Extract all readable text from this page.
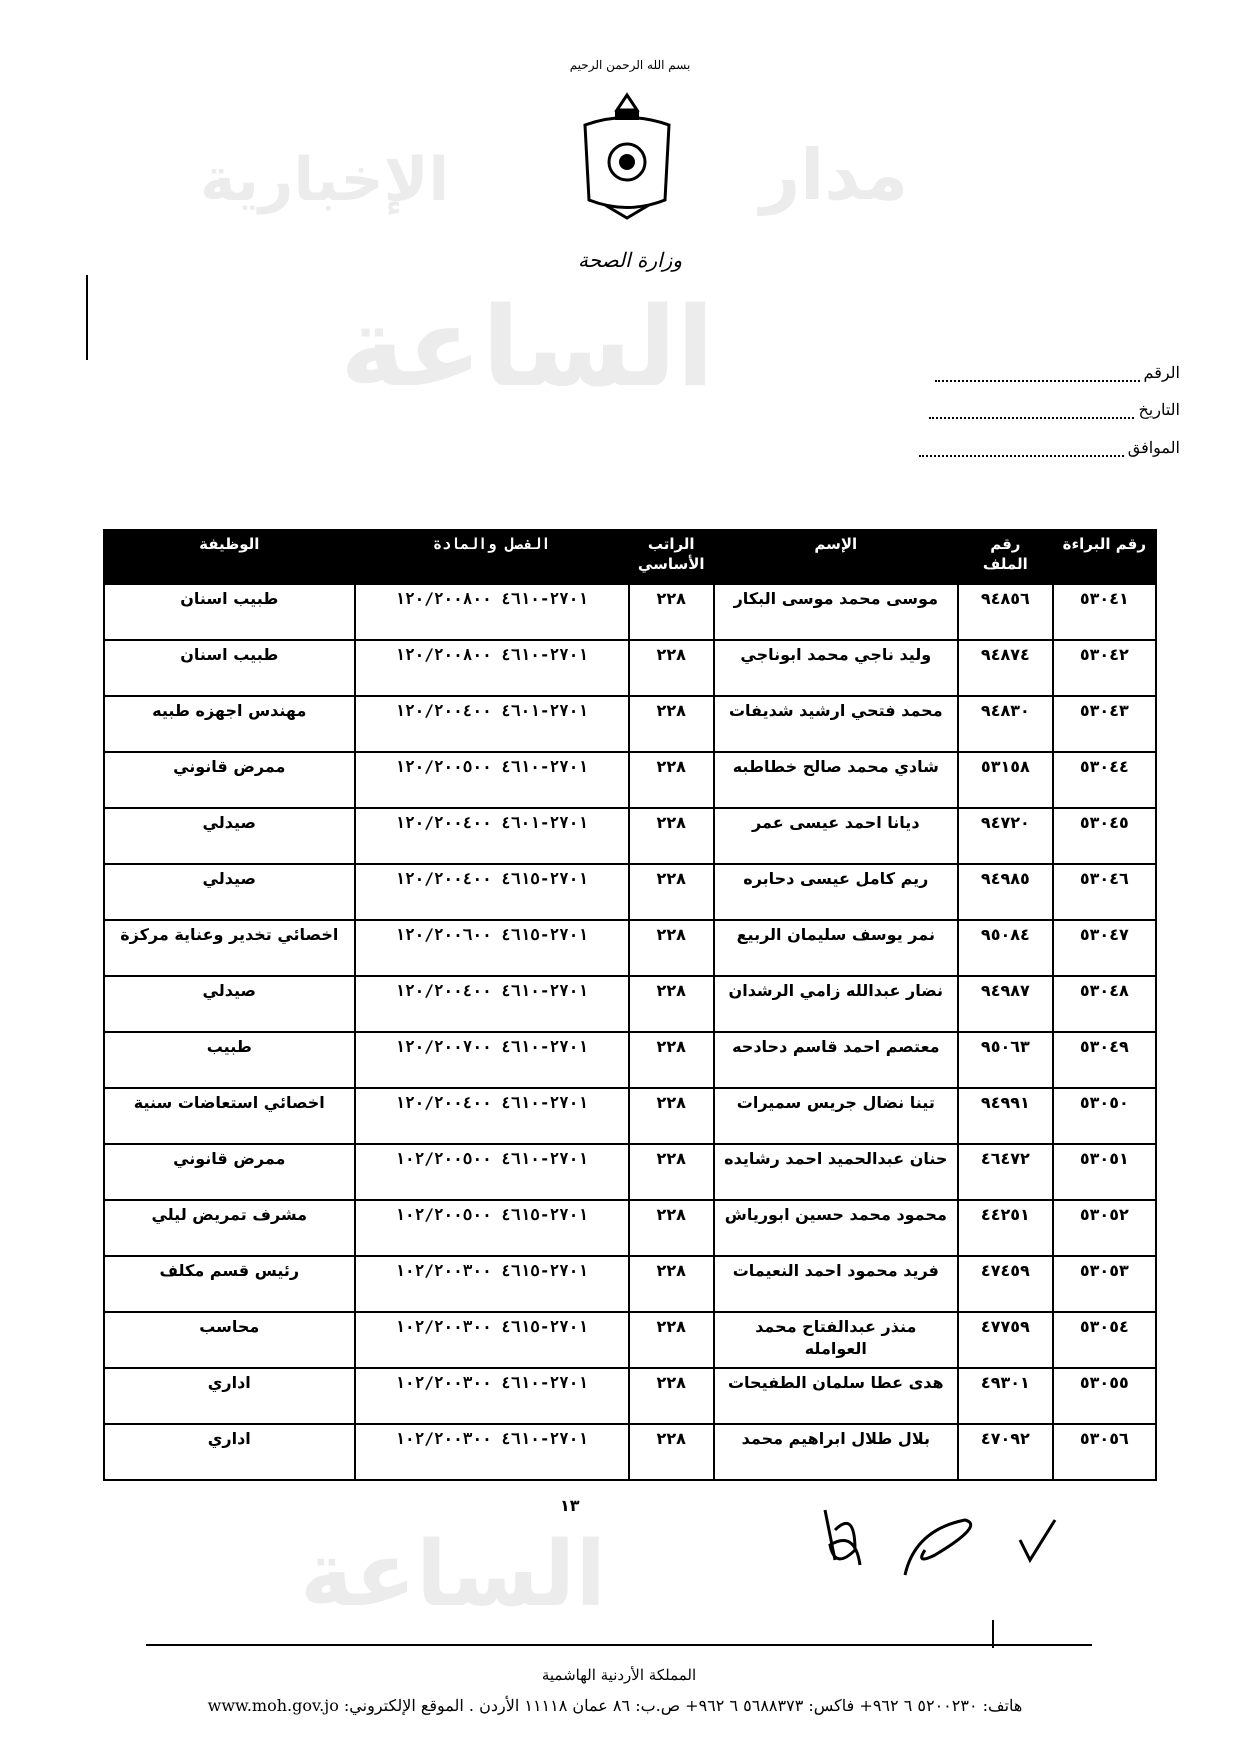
الإخبارية	مدار
الساعة
الساعة
بسم الله الرحمن الرحيم
وزارة الصحة
الرقم
التاريخ
الموافق
رقم البراءة	رقم الملف	الإسم	الراتب الأساسي	الفصل والمادة	الوظيفة
٥٣٠٤١	٩٤٨٥٦	موسى محمد موسى البكار	٢٢٨	٢٧٠١-٤٦١٠ ١٢٠/٢٠٠٨٠٠	طبيب اسنان
٥٣٠٤٢	٩٤٨٧٤	وليد ناجي محمد ابوناجي	٢٢٨	٢٧٠١-٤٦١٠ ١٢٠/٢٠٠٨٠٠	طبيب اسنان
٥٣٠٤٣	٩٤٨٣٠	محمد فتحي ارشيد شديفات	٢٢٨	٢٧٠١-٤٦٠١ ١٢٠/٢٠٠٤٠٠	مهندس اجهزه طبيه
٥٣٠٤٤	٥٣١٥٨	شادي محمد صالح خطاطبه	٢٢٨	٢٧٠١-٤٦١٠ ١٢٠/٢٠٠٥٠٠	ممرض قانوني
٥٣٠٤٥	٩٤٧٢٠	ديانا احمد عيسى عمر	٢٢٨	٢٧٠١-٤٦٠١ ١٢٠/٢٠٠٤٠٠	صيدلي
٥٣٠٤٦	٩٤٩٨٥	ريم كامل عيسى دحابره	٢٢٨	٢٧٠١-٤٦١٥ ١٢٠/٢٠٠٤٠٠	صيدلي
٥٣٠٤٧	٩٥٠٨٤	نمر يوسف سليمان الربيع	٢٢٨	٢٧٠١-٤٦١٥ ١٢٠/٢٠٠٦٠٠	اخصائي تخدير وعناية مركزة
٥٣٠٤٨	٩٤٩٨٧	نضار عبدالله زامي الرشدان	٢٢٨	٢٧٠١-٤٦١٠ ١٢٠/٢٠٠٤٠٠	صيدلي
٥٣٠٤٩	٩٥٠٦٣	معتصم احمد قاسم دحادحه	٢٢٨	٢٧٠١-٤٦١٠ ١٢٠/٢٠٠٧٠٠	طبيب
٥٣٠٥٠	٩٤٩٩١	تينا نضال جريس سميرات	٢٢٨	٢٧٠١-٤٦١٠ ١٢٠/٢٠٠٤٠٠	اخصائي استعاضات سنية
٥٣٠٥١	٤٦٤٧٢	حنان عبدالحميد احمد رشايده	٢٢٨	٢٧٠١-٤٦١٠ ١٠٢/٢٠٠٥٠٠	ممرض قانوني
٥٣٠٥٢	٤٤٢٥١	محمود محمد حسين ابورياش	٢٢٨	٢٧٠١-٤٦١٥ ١٠٢/٢٠٠٥٠٠	مشرف تمريض ليلي
٥٣٠٥٣	٤٧٤٥٩	فريد محمود احمد النعيمات	٢٢٨	٢٧٠١-٤٦١٥ ١٠٢/٢٠٠٣٠٠	رئيس قسم مكلف
٥٣٠٥٤	٤٧٧٥٩	منذر عبدالفتاح محمد العوامله	٢٢٨	٢٧٠١-٤٦١٥ ١٠٢/٢٠٠٣٠٠	محاسب
٥٣٠٥٥	٤٩٣٠١	هدى عطا سلمان الطفيحات	٢٢٨	٢٧٠١-٤٦١٠ ١٠٢/٢٠٠٣٠٠	اداري
٥٣٠٥٦	٤٧٠٩٢	بلال طلال ابراهيم محمد	٢٢٨	٢٧٠١-٤٦١٠ ١٠٢/٢٠٠٣٠٠	اداري
١٣
المملكة الأردنية الهاشمية
هاتف: ٥٢٠٠٢٣٠ ٦ ٩٦٢+ فاكس: ٥٦٨٨٣٧٣ ٦ ٩٦٢+ ص.ب: ٨٦ عمان ١١١١٨ الأردن . الموقع الإلكتروني: www.moh.gov.jo
